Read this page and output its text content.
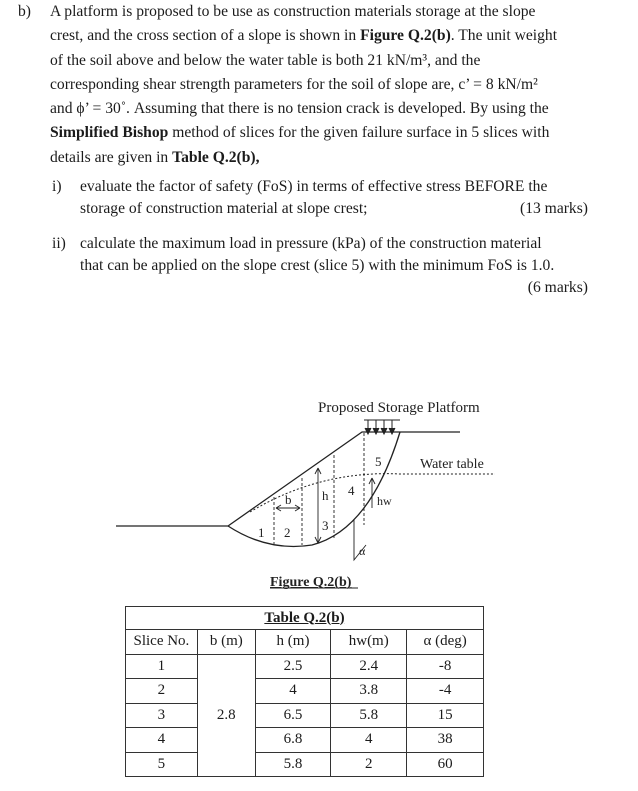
b) A platform is proposed to be use as construction materials storage at the slope
crest, and the cross section of a slope is shown in Figure Q.2(b). The unit weight
of the soil above and below the water table is both 21 kN/m³, and the
corresponding shear strength parameters for the soil of slope are, c’ = 8 kN/m²
and ϕ’ = 30˚. Assuming that there is no tension crack is developed. By using the
Simplified Bishop method of slices for the given failure surface in 5 slices with
details are given in Table Q.2(b),
i) evaluate the factor of safety (FoS) in terms of effective stress BEFORE the
storage of construction material at slope crest;	(13 marks)
ii) calculate the maximum load in pressure (kPa) of the construction material
that can be applied on the slope crest (slice 5) with the minimum FoS is 1.0.
(6 marks)
Proposed Storage Platform
Water table
b h	hw
α
1 2 3
4
5
Figure Q.2(b)
Table Q.2(b)				
Slice No.	b (m)	h (m)	hw(m)	α (deg)
1	2.8	2.5	2.4	-8
2		4	3.8	-4
3		6.5	5.8	15
4		6.8	4	38
5		5.8	2	60
